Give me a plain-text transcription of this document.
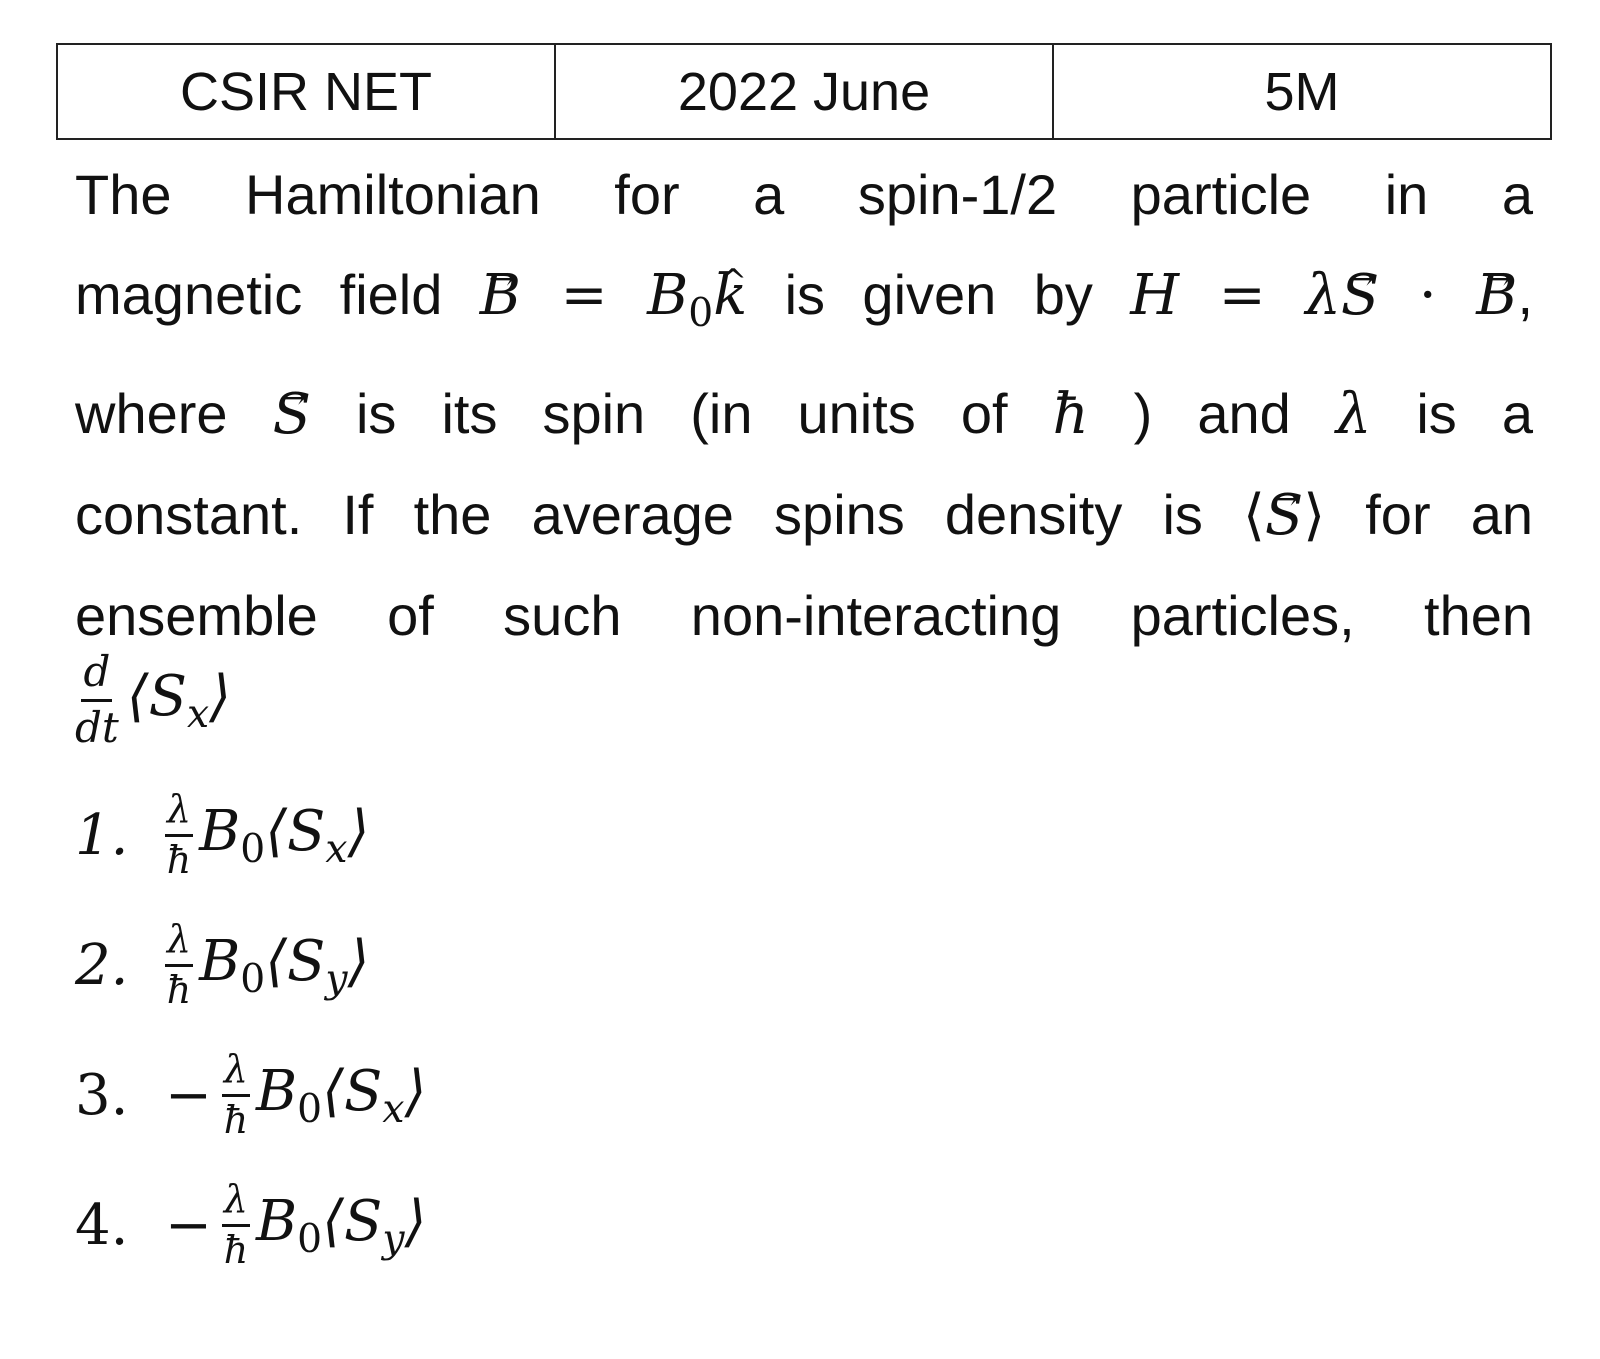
CSIR NET	2022 June	5M
The Hamiltonian for a spin-1/2 particle in a
magnetic field → $B = B_0\^{}$ k is given by H = λ→ S · → B,
where → S is its spin (in units of ħ ) and λ is a
constant. If the average spins density is ⟨→ S⟩ for an
ensemble of such non-interacting particles, then
$\frac{d}{dt}$ $⟨S_x⟩$
1. $\frac{\lambda}{ħ}$ $B_0⟨S_x⟩$
2. $\frac{\lambda}{ħ}$ $B_0⟨S_y⟩$
3. − $\frac{\lambda}{ħ}$ $B_0⟨S_x⟩$
4. − $\frac{\lambda}{ħ}$ $B_0⟨S_y⟩$
